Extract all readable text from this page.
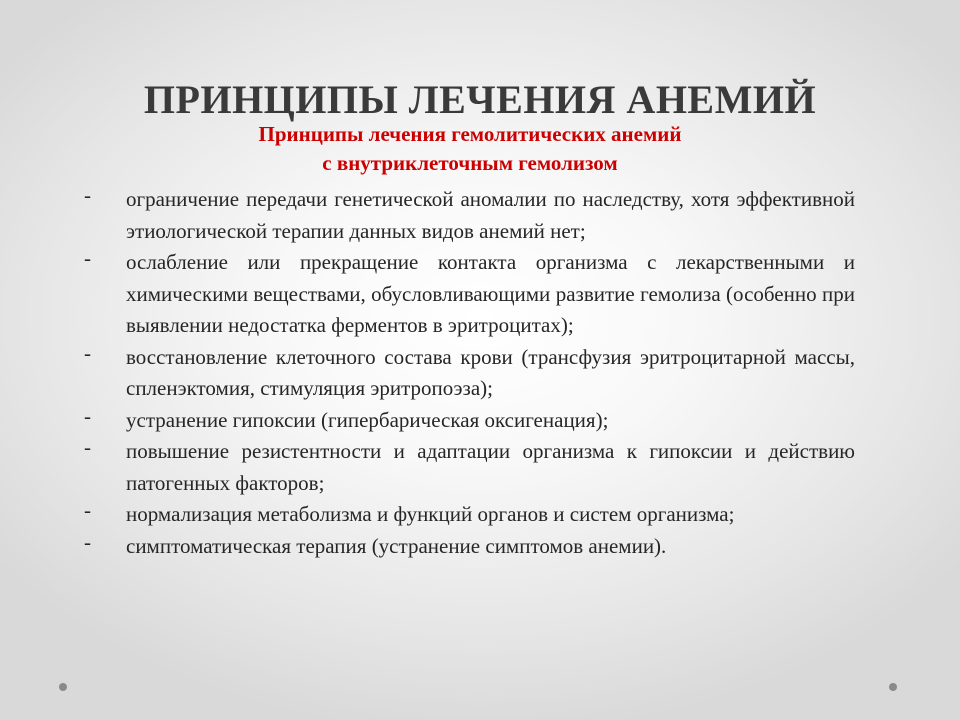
ПРИНЦИПЫ ЛЕЧЕНИЯ АНЕМИЙ
Принципы лечения гемолитических анемий
с внутриклеточным гемолизом
- ограничение передачи генетической аномалии по наследству, хотя эффективной этиологической терапии данных видов анемий нет;
- ослабление или прекращение контакта организма с лекарственными и химическими веществами, обусловливающими развитие гемолиза (особенно при выявлении недостатка ферментов в эритроцитах);
- восстановление клеточного состава крови (трансфузия эритроцитарной массы, спленэктомия, стимуляция эритропоэза);
- устранение гипоксии (гипербарическая оксигенация);
- повышение резистентности и адаптации организма к гипоксии и действию патогенных факторов;
- нормализация метаболизма и функций органов и систем организма;
- симптоматическая терапия (устранение симптомов анемии).
